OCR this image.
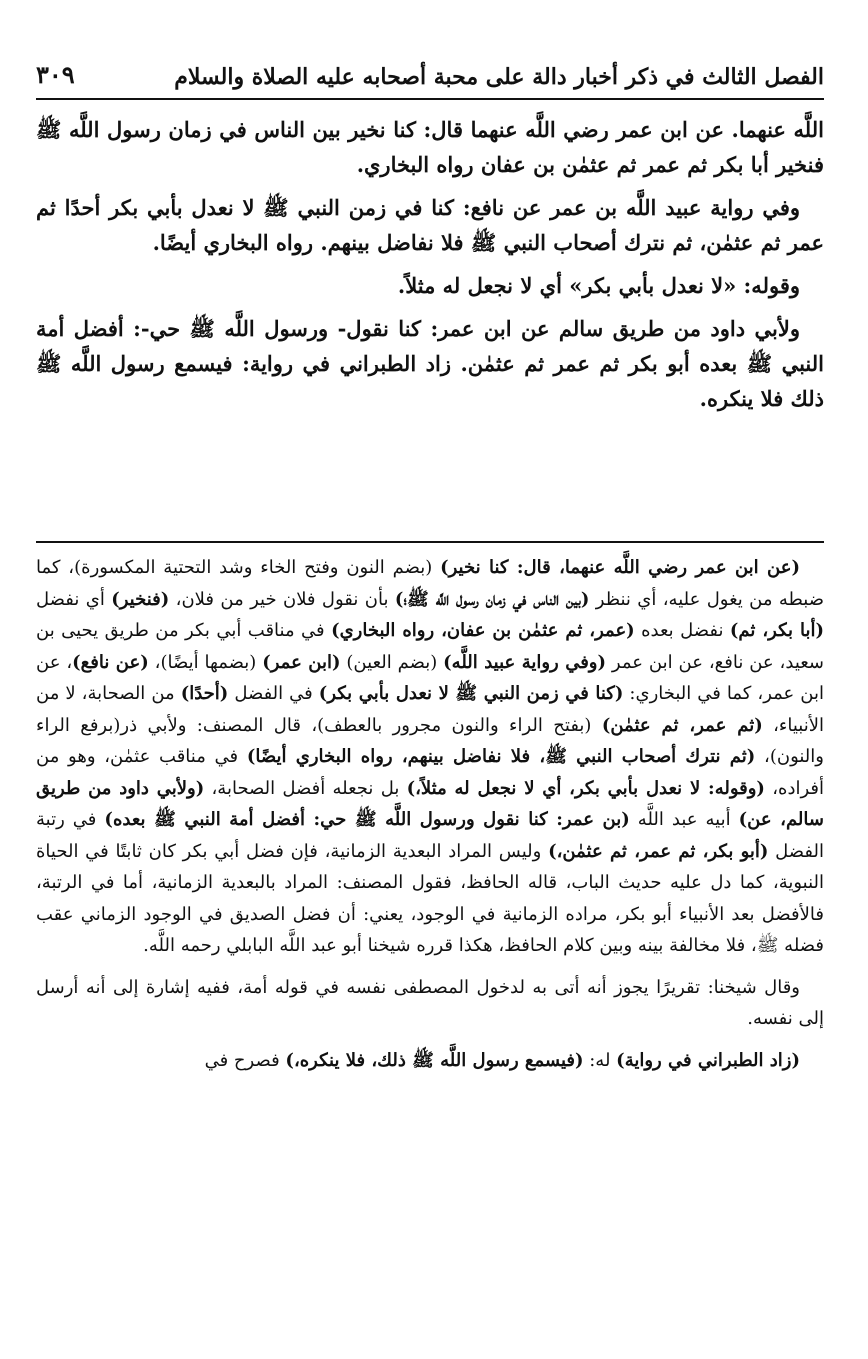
الفصل الثالث في ذكر أخبار دالة على محبة أصحابه عليه الصلاة والسلام
٣٠٩

اللَّه عنهما. عن ابن عمر رضي اللَّه عنهما قال: كنا نخير بين الناس في زمان رسول اللَّه ﷺ فنخير أبا بكر ثم عمر ثم عثمٰن بن عفان رواه البخاري.

وفي رواية عبيد اللَّه بن عمر عن نافع: كنا في زمن النبي ﷺ لا نعدل بأبي بكر أحدًا ثم عمر ثم عثمٰن، ثم نترك أصحاب النبي ﷺ فلا نفاضل بينهم. رواه البخاري أيضًا.

وقوله: «لا نعدل بأبي بكر» أي لا نجعل له مثلاً.

ولأبي داود من طريق سالم عن ابن عمر: كنا نقول- ورسول اللَّه ﷺ حي-: أفضل أمة النبي ﷺ بعده أبو بكر ثم عمر ثم عثمٰن. زاد الطبراني في رواية: فيسمع رسول اللَّه ﷺ ذلك فلا ينكره.

(عن ابن عمر رضي اللَّه عنهما، قال: كنا نخير) (بضم النون وفتح الخاء وشد التحتية المكسورة)، كما ضبطه من يغول عليه، أي ننظر (بين الناس في زمان رسول اللَّه ﷺ؛) بأن نقول فلان خير من فلان، (فنخير) أي نفضل (أبا بكر، ثم) نفضل بعده (عمر، ثم عثمٰن بن عفان، رواه البخاري) في مناقب أبي بكر من طريق يحيى بن سعيد، عن نافع، عن ابن عمر (وفي رواية عبيد اللَّه) (بضم العين) (ابن عمر) (بضمها أيضًا)، (عن نافع)، عن ابن عمر، كما في البخاري: (كنا في زمن النبي ﷺ لا نعدل بأبي بكر) في الفضل (أحدًا) من الصحابة، لا من الأنبياء، (ثم عمر، ثم عثمٰن) (بفتح الراء والنون مجرور بالعطف)، قال المصنف: ولأبي ذر(برفع الراء والنون)، (ثم نترك أصحاب النبي ﷺ، فلا نفاضل بينهم، رواه البخاري أيضًا) في مناقب عثمٰن، وهو من أفراده، (وقوله: لا نعدل بأبي بكر، أي لا نجعل له مثلاً،) بل نجعله أفضل الصحابة، (ولأبي داود من طريق سالم، عن) أبيه عبد اللَّه (بن عمر: كنا نقول ورسول اللَّه ﷺ حي: أفضل أمة النبي ﷺ بعده) في رتبة الفضل (أبو بكر، ثم عمر، ثم عثمٰن،) وليس المراد البعدية الزمانية، فإن فضل أبي بكر كان ثابتًا في الحياة النبوية، كما دل عليه حديث الباب، قاله الحافظ، فقول المصنف: المراد بالبعدية الزمانية، أما في الرتبة، فالأفضل بعد الأنبياء أبو بكر، مراده الزمانية في الوجود، يعني: أن فضل الصديق في الوجود الزماني عقب فضله ﷺ، فلا مخالفة بينه وبين كلام الحافظ، هكذا قرره شيخنا أبو عبد اللَّه البابلي رحمه اللَّه.

وقال شيخنا: تقريرًا يجوز أنه أتى به لدخول المصطفى نفسه في قوله أمة، ففيه إشارة إلى أنه أرسل إلى نفسه.

(زاد الطبراني في رواية) له: (فيسمع رسول اللَّه ﷺ ذلك، فلا ينكره،) فصرح في
